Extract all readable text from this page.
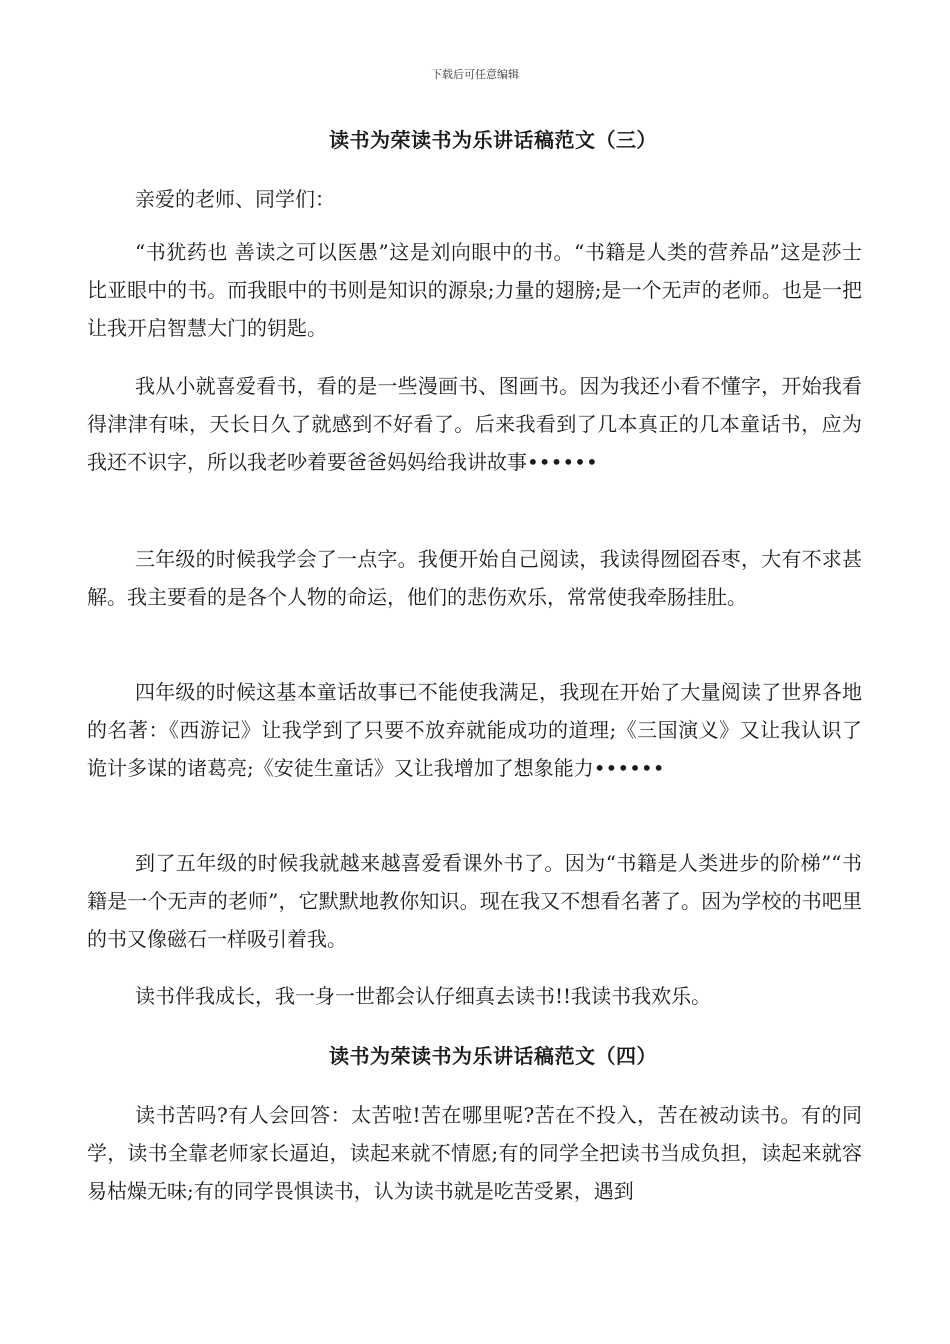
下载后可任意编辑
读书为荣读书为乐讲话稿范文（三）
亲爱的老师、同学们：

“书犹药也 善读之可以医愚”这是刘向眼中的书。“书籍是人类的营养品”这是莎士比亚眼中的书。而我眼中的书则是知识的源泉;力量的翅膀;是一个无声的老师。也是一把让我开启智慧大门的钥匙。

我从小就喜爱看书，看的是一些漫画书、图画书。因为我还小看不懂字，开始我看得津津有味，天长日久了就感到不好看了。后来我看到了几本真正的几本童话书，应为我还不识字，所以我老吵着要爸爸妈妈给我讲故事••••••

三年级的时候我学会了一点字。我便开始自己阅读，我读得囫囵吞枣，大有不求甚解。我主要看的是各个人物的命运，他们的悲伤欢乐，常常使我牵肠挂肚。

四年级的时候这基本童话故事已不能使我满足，我现在开始了大量阅读了世界各地的名著：《西游记》让我学到了只要不放弃就能成功的道理;《三国演义》又让我认识了诡计多谋的诸葛亮;《安徒生童话》又让我增加了想象能力••••••

到了五年级的时候我就越来越喜爱看课外书了。因为“书籍是人类进步的阶梯”“书籍是一个无声的老师”，它默默地教你知识。现在我又不想看名著了。因为学校的书吧里的书又像磁石一样吸引着我。

读书伴我成长，我一身一世都会认仔细真去读书!!我读书我欢乐。

读书为荣读书为乐讲话稿范文（四）

读书苦吗?有人会回答：太苦啦!苦在哪里呢?苦在不投入，苦在被动读书。有的同学，读书全靠老师家长逼迫，读起来就不情愿;有的同学全把读书当成负担，读起来就容易枯燥无味;有的同学畏惧读书，认为读书就是吃苦受累，遇到
